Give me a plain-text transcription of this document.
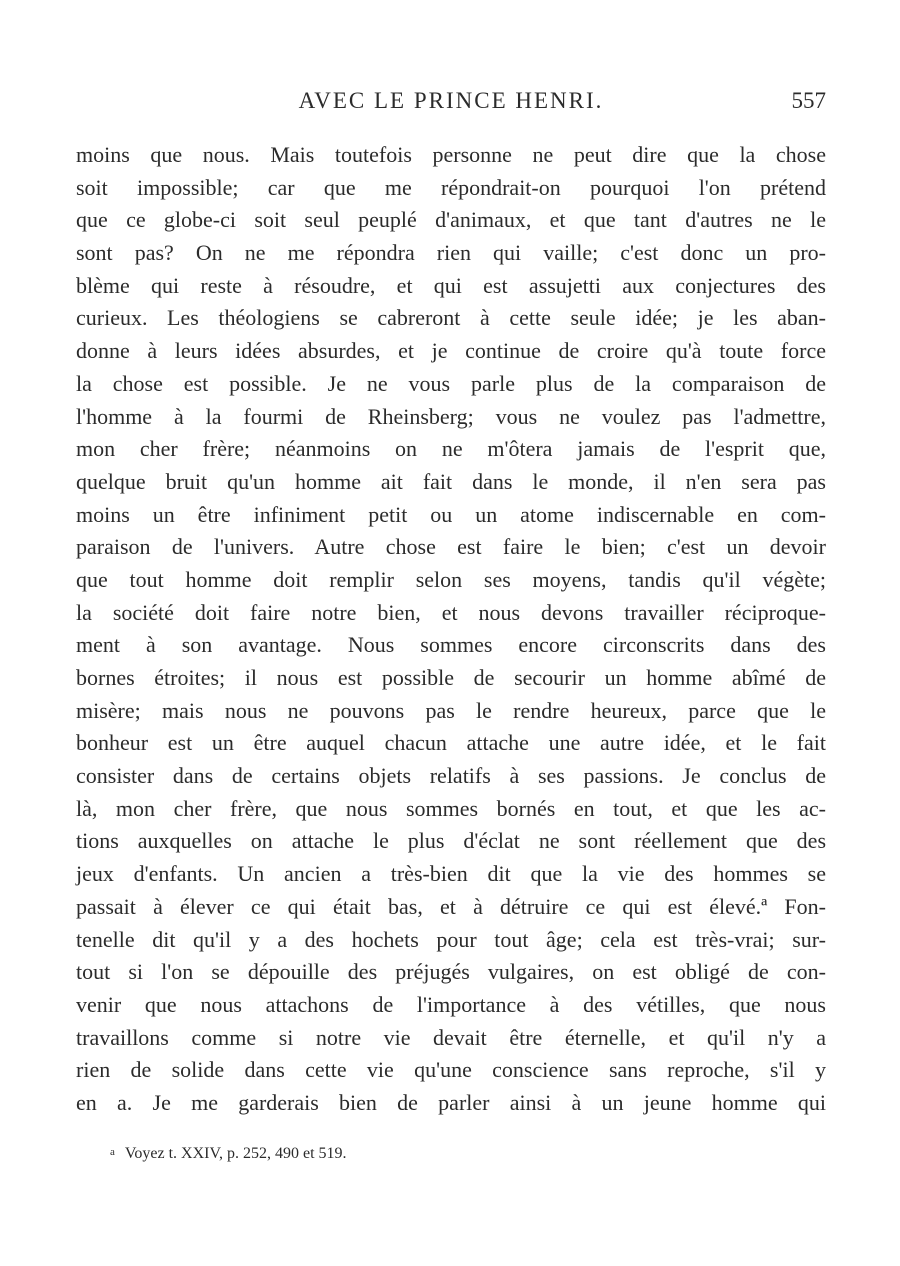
AVEC LE PRINCE HENRI.	557
moins que nous. Mais toutefois personne ne peut dire que la chose
soit impossible; car que me répondrait-on pourquoi l'on prétend
que ce globe-ci soit seul peuplé d'animaux, et que tant d'autres ne le
sont pas? On ne me répondra rien qui vaille; c'est donc un pro-
blème qui reste à résoudre, et qui est assujetti aux conjectures des
curieux. Les théologiens se cabreront à cette seule idée; je les aban-
donne à leurs idées absurdes, et je continue de croire qu'à toute force
la chose est possible. Je ne vous parle plus de la comparaison de
l'homme à la fourmi de Rheinsberg; vous ne voulez pas l'admettre,
mon cher frère; néanmoins on ne m'ôtera jamais de l'esprit que,
quelque bruit qu'un homme ait fait dans le monde, il n'en sera pas
moins un être infiniment petit ou un atome indiscernable en com-
paraison de l'univers. Autre chose est faire le bien; c'est un devoir
que tout homme doit remplir selon ses moyens, tandis qu'il végète;
la société doit faire notre bien, et nous devons travailler réciproque-
ment à son avantage. Nous sommes encore circonscrits dans des
bornes étroites; il nous est possible de secourir un homme abîmé de
misère; mais nous ne pouvons pas le rendre heureux, parce que le
bonheur est un être auquel chacun attache une autre idée, et le fait
consister dans de certains objets relatifs à ses passions. Je conclus de
là, mon cher frère, que nous sommes bornés en tout, et que les ac-
tions auxquelles on attache le plus d'éclat ne sont réellement que des
jeux d'enfants. Un ancien a très-bien dit que la vie des hommes se
passait à élever ce qui était bas, et à détruire ce qui est élevé.ª Fon-
tenelle dit qu'il y a des hochets pour tout âge; cela est très-vrai; sur-
tout si l'on se dépouille des préjugés vulgaires, on est obligé de con-
venir que nous attachons de l'importance à des vétilles, que nous
travaillons comme si notre vie devait être éternelle, et qu'il n'y a
rien de solide dans cette vie qu'une conscience sans reproche, s'il y
en a. Je me garderais bien de parler ainsi à un jeune homme qui
a Voyez t. XXIV, p. 252, 490 et 519.
